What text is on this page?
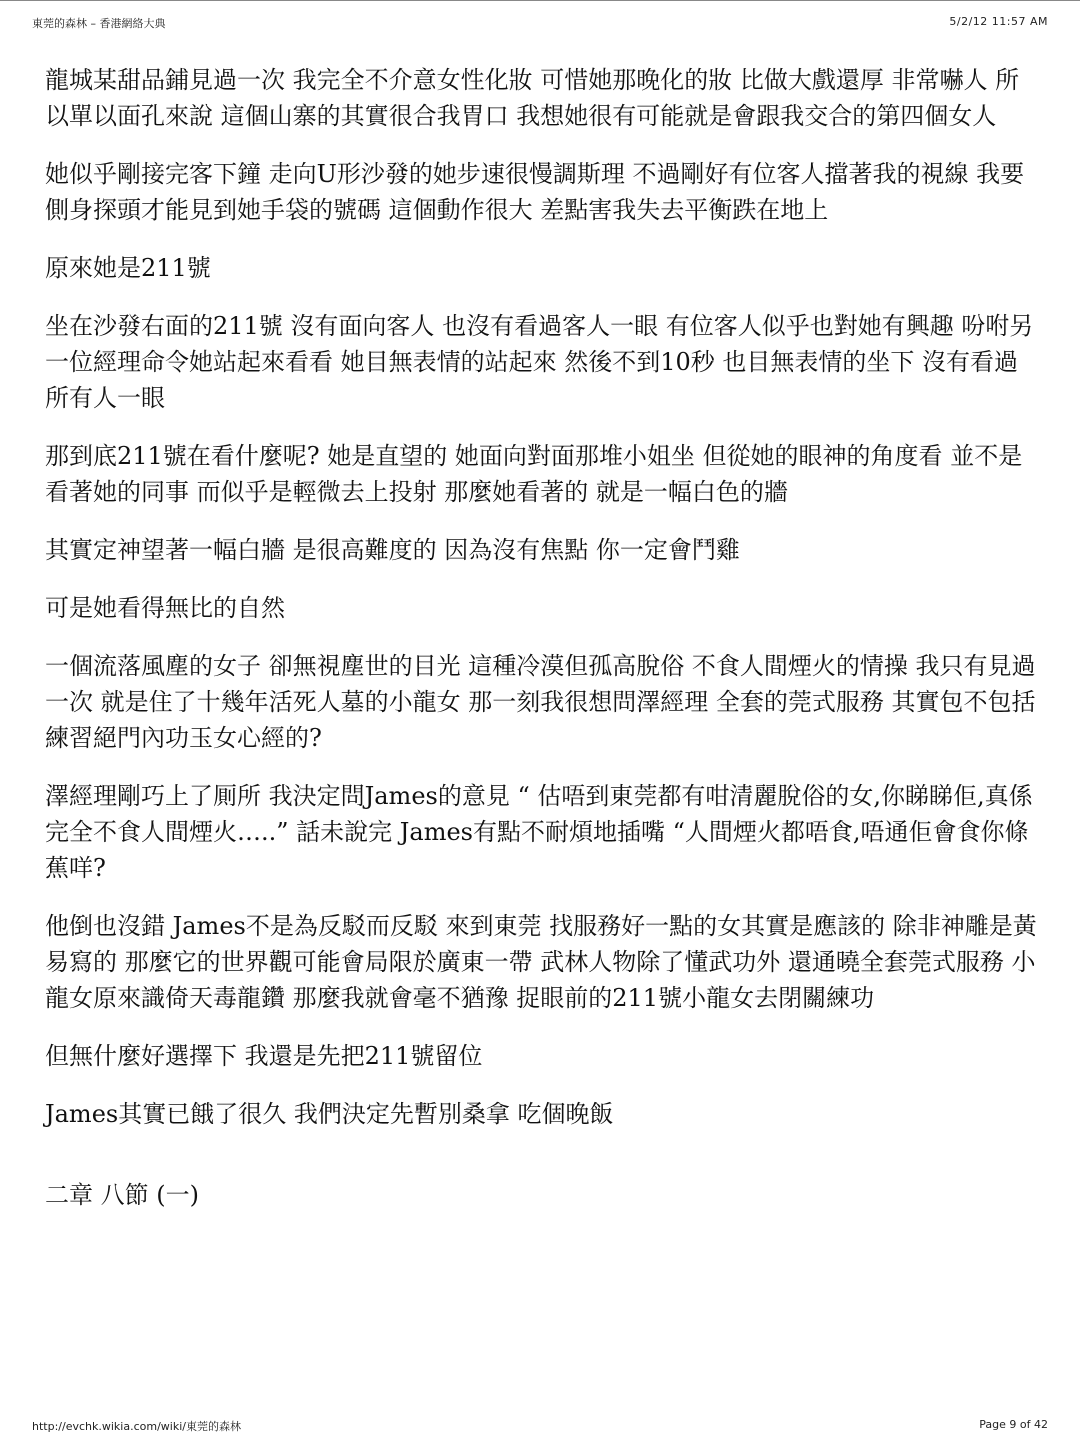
東莞的森林 – 香港網絡大典	5/2/12 11:57 AM

龍城某甜品鋪見過一次 我完全不介意女性化妝 可惜她那晚化的妝 比做大戲還厚 非常嚇人 所以單以面孔來說 這個山寨的其實很合我胃口 我想她很有可能就是會跟我交合的第四個女人

她似乎剛接完客下鐘 走向U形沙發的她步速很慢調斯理 不過剛好有位客人擋著我的視線 我要側身探頭才能見到她手袋的號碼 這個動作很大 差點害我失去平衡跌在地上

原來她是211號

坐在沙發右面的211號 沒有面向客人 也沒有看過客人一眼 有位客人似乎也對她有興趣 吩咐另一位經理命令她站起來看看 她目無表情的站起來 然後不到10秒 也目無表情的坐下 沒有看過所有人一眼

那到底211號在看什麼呢? 她是直望的 她面向對面那堆小姐坐 但從她的眼神的角度看 並不是看著她的同事 而似乎是輕微去上投射 那麼她看著的 就是一幅白色的牆

其實定神望著一幅白牆 是很高難度的 因為沒有焦點 你一定會鬥雞

可是她看得無比的自然

一個流落風塵的女子 卻無視塵世的目光 這種冷漠但孤高脫俗 不食人間煙火的情操 我只有見過一次 就是住了十幾年活死人墓的小龍女 那一刻我很想問澤經理 全套的莞式服務 其實包不包括練習絕門內功玉女心經的?

澤經理剛巧上了厠所 我決定問James的意見 “ 估唔到東莞都有咁清麗脫俗的女,你睇睇佢,真係完全不食人間煙火…..” 話未說完 James有點不耐煩地插嘴 “人間煙火都唔食,唔通佢會食你條蕉咩?

他倒也沒錯 James不是為反駁而反駁 來到東莞 找服務好一點的女其實是應該的 除非神雕是黃易寫的 那麼它的世界觀可能會局限於廣東一帶 武林人物除了懂武功外 還通曉全套莞式服務 小龍女原來識倚天毒龍鑽 那麼我就會毫不猶豫 捉眼前的211號小龍女去閉關練功

但無什麼好選擇下 我還是先把211號留位

James其實已餓了很久 我們決定先暫別桑拿 吃個晚飯

二章 八節 (一)

http://evchk.wikia.com/wiki/東莞的森林	Page 9 of 42
